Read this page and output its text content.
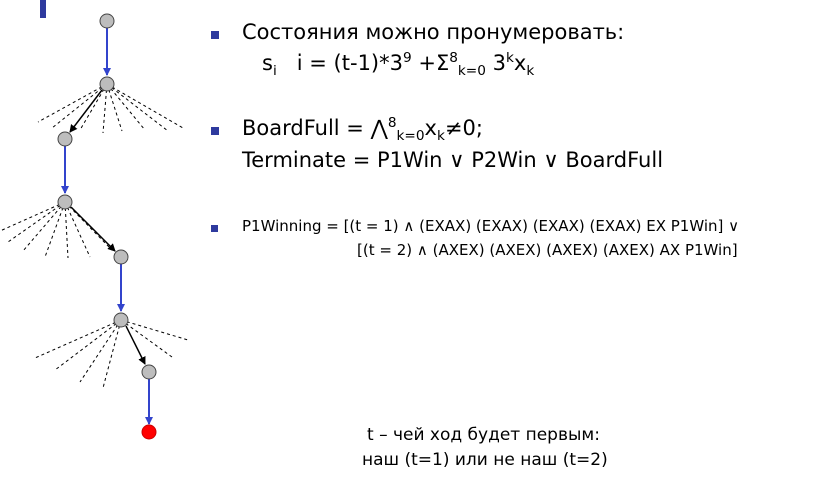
Состояния можно пронумеровать:
$s_i$ $i = (t-1)*3^9 +\Sigma^8_{k=0}$ $3^kx_k$
BoardFull = $⋀^8_{k=0}x_k\ne 0$;
Terminate = P1Win ∨ P2Win ∨ BoardFull
P1Winning = [(t = 1) ∧ (EXAX) (EXAX) (EXAX) (EXAX) EX P1Win] ∨
[(t = 2) ∧ (AXEX) (AXEX) (AXEX) (AXEX) AX P1Win]
t – чей ход будет первым:
наш (t=1) или не наш (t=2)
